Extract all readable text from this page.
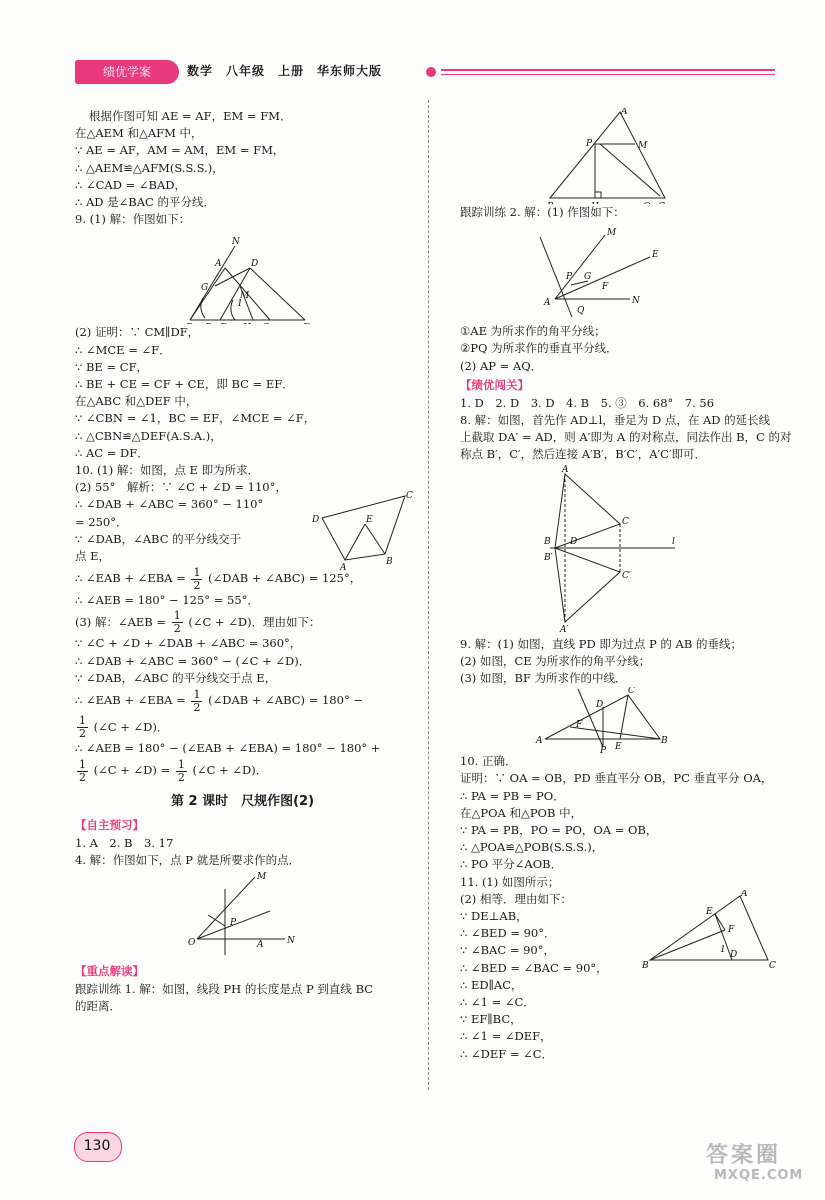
绩优学案	数学　八年级　上册　华东师大版
根据作图可知 AE = AF，EM = FM．
在△AEM 和△AFM 中，
∵ AE = AF，AM = AM，EM = FM，
∴ △AEM≌△AFM(S.S.S.)，
∴ ∠CAD = ∠BAD，
∴ AD 是∠BAC 的平分线．
9. (1) 解：作图如下：
N
A	D
G
M
1
(2) 证明：∵ CM∥DF，
∴ ∠MCE = ∠F．
∵ BE = CF，
∴ BE + CE = CF + CE，即 BC = EF．
在△ABC 和△DEF 中，
∵ ∠CBN = ∠1，BC = EF，∠MCE = ∠F，
∴ △CBN≌△DEF(A.S.A.)，
∴ AC = DF．
10. (1) 解：如图，点 E 即为所求．
(2) 55°　解析：∵ ∠C + ∠D = 110°，
∴ ∠DAB + ∠ABC = 360° − 110°
= 250°．
∵ ∠DAB，∠ABC 的平分线交于
点 E，
D
C
A
B
E
∴ ∠EAB + ∠EBA = $\frac{1}{2}$ (∠DAB + ∠ABC) = 125°，
∴ ∠AEB = 180° − 125° = 55°．
(3) 解：∠AEB = $\frac{1}{2}$ (∠C + ∠D)．理由如下：
∵ ∠C + ∠D + ∠DAB + ∠ABC = 360°，
∴ ∠DAB + ∠ABC = 360° − (∠C + ∠D)．
∵ ∠DAB，∠ABC 的平分线交于点 E，
∴ ∠EAB + ∠EBA = $\frac{1}{2}$ (∠DAB + ∠ABC) = 180° −
$\frac{1}{2}$ (∠C + ∠D)．
∴ ∠AEB = 180° − (∠EAB + ∠EBA) = 180° − 180° +
$\frac{1}{2}$ (∠C + ∠D) = $\frac{1}{2}$ (∠C + ∠D)．
第 2 课时　尺规作图(2)
【自主预习】
1. A　2. B　3. 17
4. 解：作图如下，点 P 就是所要求作的点．
O
M
N
P
A
【重点解读】
跟踪训练 1. 解：如图，线段 PH 的长度是点 P 到直线 BC
的距离．
A
P	M
跟踪训练 2. 解：(1) 作图如下：
A
M
E
P G
F
N
Q
①AE 为所求作的角平分线；
②PQ 为所求作的垂直平分线．
(2) AP = AQ．
【绩优闯关】
1. D　2. D　3. D　4. B　5. ③　6. 68°　7. 56
8. 解：如图，首先作 AD⊥l，垂足为 D 点，在 AD 的延长线
上截取 DA′ = AD，则 A′即为 A 的对称点，同法作出 B，C 的对
称点 B′，C′，然后连接 A′B′，B′C′，A′C′即可．
A
C
B D
B′
C′
A′
l
9. 解：(1) 如图，直线 PD 即为过点 P 的 AB 的垂线；
(2) 如图，CE 为所求作的角平分线；
(3) 如图，BF 为所求作的中线．
A
C
B
D
F
P E
10. 正确．
证明：∵ OA = OB，PD 垂直平分 OB，PC 垂直平分 OA，
∴ PA = PB = PO．
在△POA 和△POB 中，
∵ PA = PB，PO = PO，OA = OB，
∴ △POA≌△POB(S.S.S.)，
∴ PO 平分∠AOB．
11. (1) 如图所示；
(2) 相等．理由如下：
∵ DE⊥AB，
∴ ∠BED = 90°．
∵ ∠BAC = 90°，
∴ ∠BED = ∠BAC = 90°，
∴ ED∥AC，
∴ ∠1 = ∠C．
∵ EF∥BC，
∴ ∠1 = ∠DEF，
∴ ∠DEF = ∠C．
A
B	C
E
F
D
1
130	答案圈
MXQE.COM
